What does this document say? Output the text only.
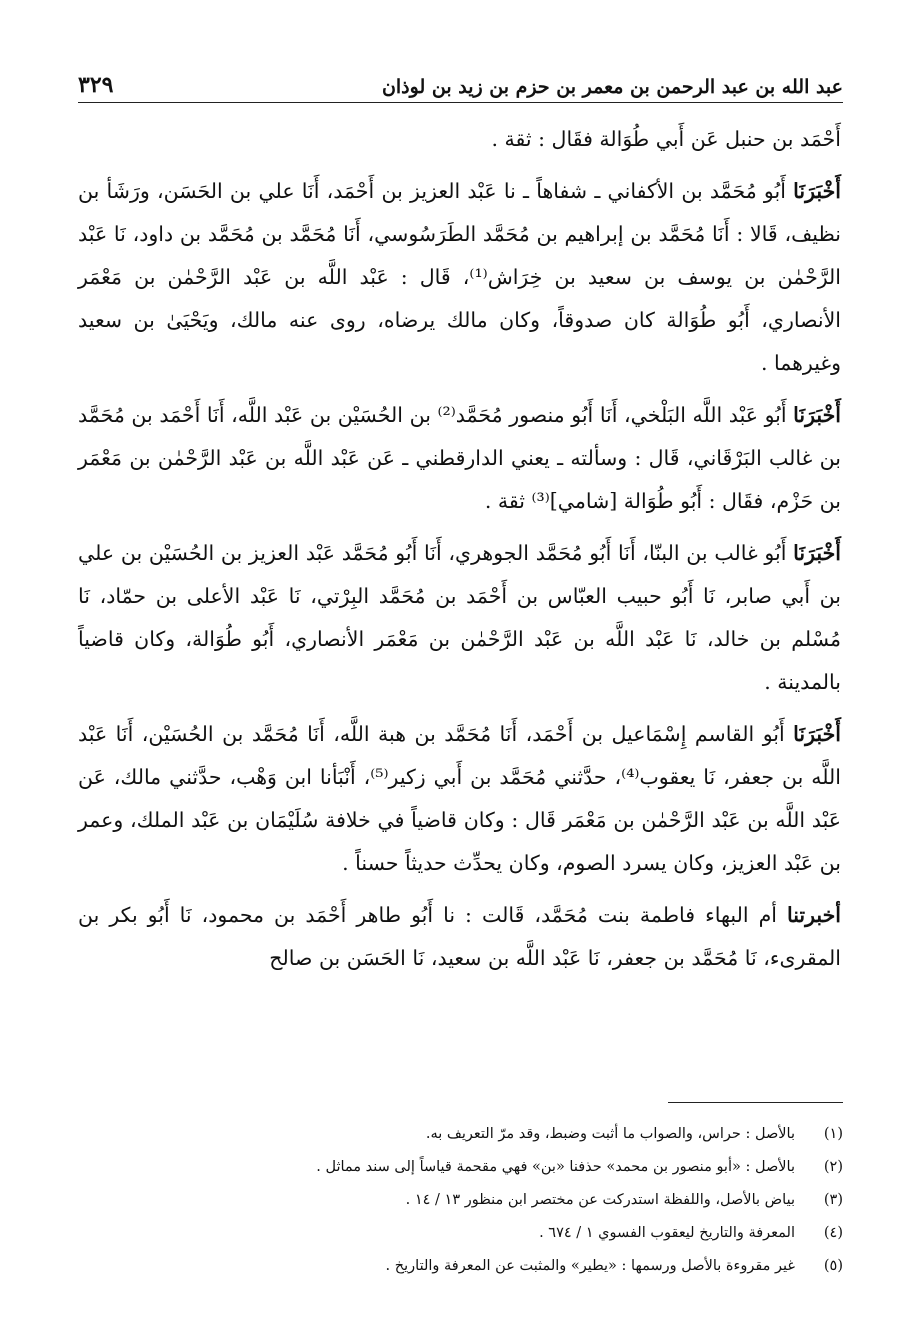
عبد الله بن عبد الرحمن بن معمر بن حزم بن زيد بن لوذان
٣٢٩

أَحْمَد بن حنبل عَن أَبي طُوَالة فقَال : ثقة .

أَخْبَرَنَا أَبُو مُحَمَّد بن الأكفاني ـ شفاهاً ـ نا عَبْد العزيز بن أَحْمَد، أَنَا علي بن الحَسَن، ورَشَأ بن نظيف، قَالا : أَنَا مُحَمَّد بن إبراهيم بن مُحَمَّد الطَرَسُوسي، أَنَا مُحَمَّد بن مُحَمَّد بن داود، نَا عَبْد الرَّحْمٰن بن يوسف بن سعيد بن خِرَاش⁽¹⁾، قَال : عَبْد اللَّه بن عَبْد الرَّحْمٰن بن مَعْمَر الأنصاري، أَبُو طُوَالة كان صدوقاً، وكان مالك يرضاه، روى عنه مالك، ويَحْيَىٰ بن سعيد وغيرهما .

أَخْبَرَنَا أَبُو عَبْد اللَّه البَلْخي، أَنَا أَبُو منصور مُحَمَّد⁽²⁾ بن الحُسَيْن بن عَبْد اللَّه، أَنَا أَحْمَد بن مُحَمَّد بن غالب البَرْقَاني، قَال : وسألته ـ يعني الدارقطني ـ عَن عَبْد اللَّه بن عَبْد الرَّحْمٰن بن مَعْمَر بن حَزْم، فقَال : أَبُو طُوَالة [شامي]⁽³⁾ ثقة .

أَخْبَرَنَا أَبُو غالب بن البنّا، أَنَا أَبُو مُحَمَّد الجوهري، أَنَا أَبُو مُحَمَّد عَبْد العزيز بن الحُسَيْن بن علي بن أَبي صابر، نَا أَبُو حبيب العبّاس بن أَحْمَد بن مُحَمَّد البِرْتي، نَا عَبْد الأعلى بن حمّاد، نَا مُسْلم بن خالد، نَا عَبْد اللَّه بن عَبْد الرَّحْمٰن بن مَعْمَر الأنصاري، أَبُو طُوَالة، وكان قاضياً بالمدينة .

أَخْبَرَنَا أَبُو القاسم إِسْمَاعيل بن أَحْمَد، أَنَا مُحَمَّد بن هبة اللَّه، أَنَا مُحَمَّد بن الحُسَيْن، أَنَا عَبْد اللَّه بن جعفر، نَا يعقوب⁽⁴⁾، حدَّثني مُحَمَّد بن أَبي زكير⁽⁵⁾، أَنْبَأنا ابن وَهْب، حدَّثني مالك، عَن عَبْد اللَّه بن عَبْد الرَّحْمٰن بن مَعْمَر قَال : وكان قاضياً في خلافة سُلَيْمَان بن عَبْد الملك، وعمر بن عَبْد العزيز، وكان يسرد الصوم، وكان يحدِّث حديثاً حسناً .

أخبرتنا أم البهاء فاطمة بنت مُحَمَّد، قَالت : نا أَبُو طاهر أَحْمَد بن محمود، نَا أَبُو بكر بن المقرىء، نَا مُحَمَّد بن جعفر، نَا عَبْد اللَّه بن سعيد، نَا الحَسَن بن صالح

(١)
بالأصل : حراس، والصواب ما أثبت وضبط، وقد مرّ التعريف به.
(٢)
بالأصل : «أبو منصور بن محمد» حذفنا «بن» فهي مقحمة قياساً إلى سند مماثل .
(٣)
بياض بالأصل، واللفظة استدركت عن مختصر ابن منظور ١٣ / ١٤ .
(٤)
المعرفة والتاريخ ليعقوب الفسوي ١ / ٦٧٤ .
(٥)
غير مقروءة بالأصل ورسمها : «يطير» والمثبت عن المعرفة والتاريخ .
